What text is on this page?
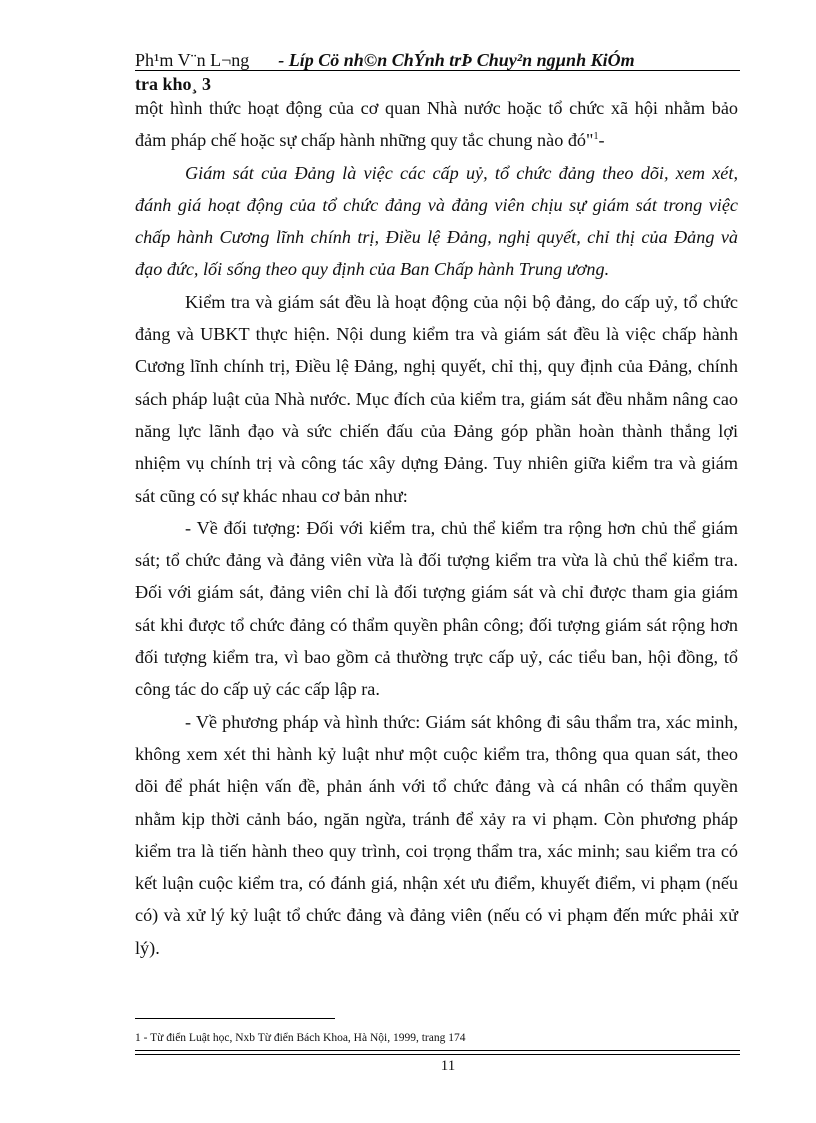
Ph¹m V¨n L¬ng - Líp Cö nh©n ChÝnh trÞ Chuy²n ngµnh KiÓm
tra kho¸ 3

một hình thức hoạt động của cơ quan Nhà nước hoặc tổ chức xã hội nhằm bảo đảm pháp chế hoặc sự chấp hành những quy tắc chung nào đó"$^1$-

Giám sát của Đảng là việc các cấp uỷ, tổ chức đảng theo dõi, xem xét, đánh giá hoạt động của tổ chức đảng và đảng viên chịu sự giám sát trong việc chấp hành Cương lĩnh chính trị, Điều lệ Đảng, nghị quyết, chỉ thị của Đảng và đạo đức, lối sống theo quy định của Ban Chấp hành Trung ương.

Kiểm tra và giám sát đều là hoạt động của nội bộ đảng, do cấp uỷ, tổ chức đảng và UBKT thực hiện. Nội dung kiểm tra và giám sát đều là việc chấp hành Cương lĩnh chính trị, Điều lệ Đảng, nghị quyết, chỉ thị, quy định của Đảng, chính sách pháp luật của Nhà nước. Mục đích của kiểm tra, giám sát đều nhằm nâng cao năng lực lãnh đạo và sức chiến đấu của Đảng góp phần hoàn thành thắng lợi nhiệm vụ chính trị và công tác xây dựng Đảng. Tuy nhiên giữa kiểm tra và giám sát cũng có sự khác nhau cơ bản như:

- Về đối tượng: Đối với kiểm tra, chủ thể kiểm tra rộng hơn chủ thể giám sát; tổ chức đảng và đảng viên vừa là đối tượng kiểm tra vừa là chủ thể kiểm tra. Đối với giám sát, đảng viên chỉ là đối tượng giám sát và chỉ được tham gia giám sát khi được tổ chức đảng có thẩm quyền phân công; đối tượng giám sát rộng hơn đối tượng kiểm tra, vì bao gồm cả thường trực cấp uỷ, các tiểu ban, hội đồng, tổ công tác do cấp uỷ các cấp lập ra.

- Về phương pháp và hình thức: Giám sát không đi sâu thẩm tra, xác minh, không xem xét thi hành kỷ luật như một cuộc kiểm tra, thông qua quan sát, theo dõi để phát hiện vấn đề, phản ánh với tổ chức đảng và cá nhân có thẩm quyền nhằm kịp thời cảnh báo, ngăn ngừa, tránh để xảy ra vi phạm. Còn phương pháp kiểm tra là tiến hành theo quy trình, coi trọng thẩm tra, xác minh; sau kiểm tra có kết luận cuộc kiểm tra, có đánh giá, nhận xét ưu điểm, khuyết điểm, vi phạm (nếu có) và xử lý kỷ luật tổ chức đảng và đảng viên (nếu có vi phạm đến mức phải xử lý).

1 - Từ điển Luật học, Nxb Từ điển Bách Khoa, Hà Nội, 1999, trang 174
11
